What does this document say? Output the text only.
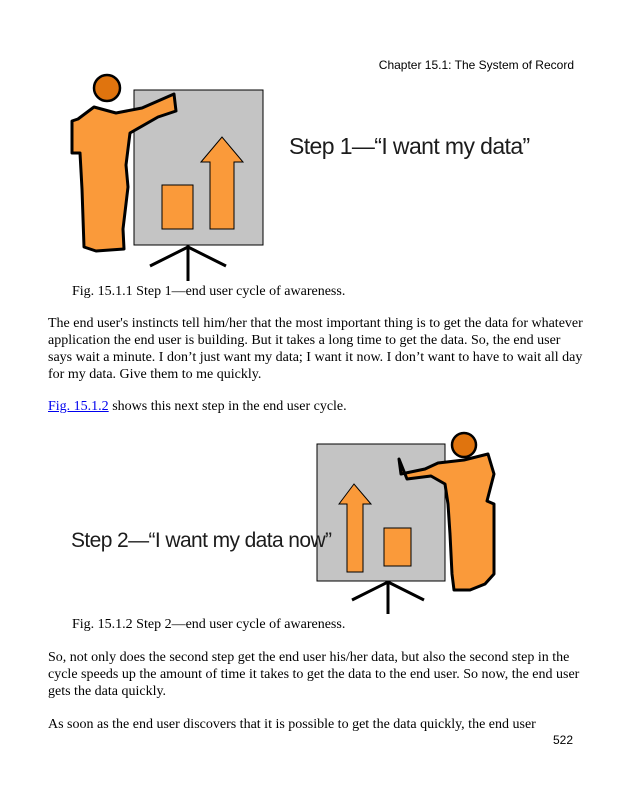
Chapter 15.1: The System of Record
Step 1—“I want my data”
Fig. 15.1.1 Step 1—end user cycle of awareness.

The end user's instincts tell him/her that the most important thing is to get the data for whatever application the end user is building. But it takes a long time to get the data. So, the end user says wait a minute. I don’t just want my data; I want it now. I don’t want to have to wait all day for my data. Give them to me quickly.

Fig. 15.1.2 shows this next step in the end user cycle.

Step 2—“I want my data now”
Fig. 15.1.2 Step 2—end user cycle of awareness.

So, not only does the second step get the end user his/her data, but also the second step in the cycle speeds up the amount of time it takes to get the data to the end user. So now, the end user gets the data quickly.

As soon as the end user discovers that it is possible to get the data quickly, the end user

522
